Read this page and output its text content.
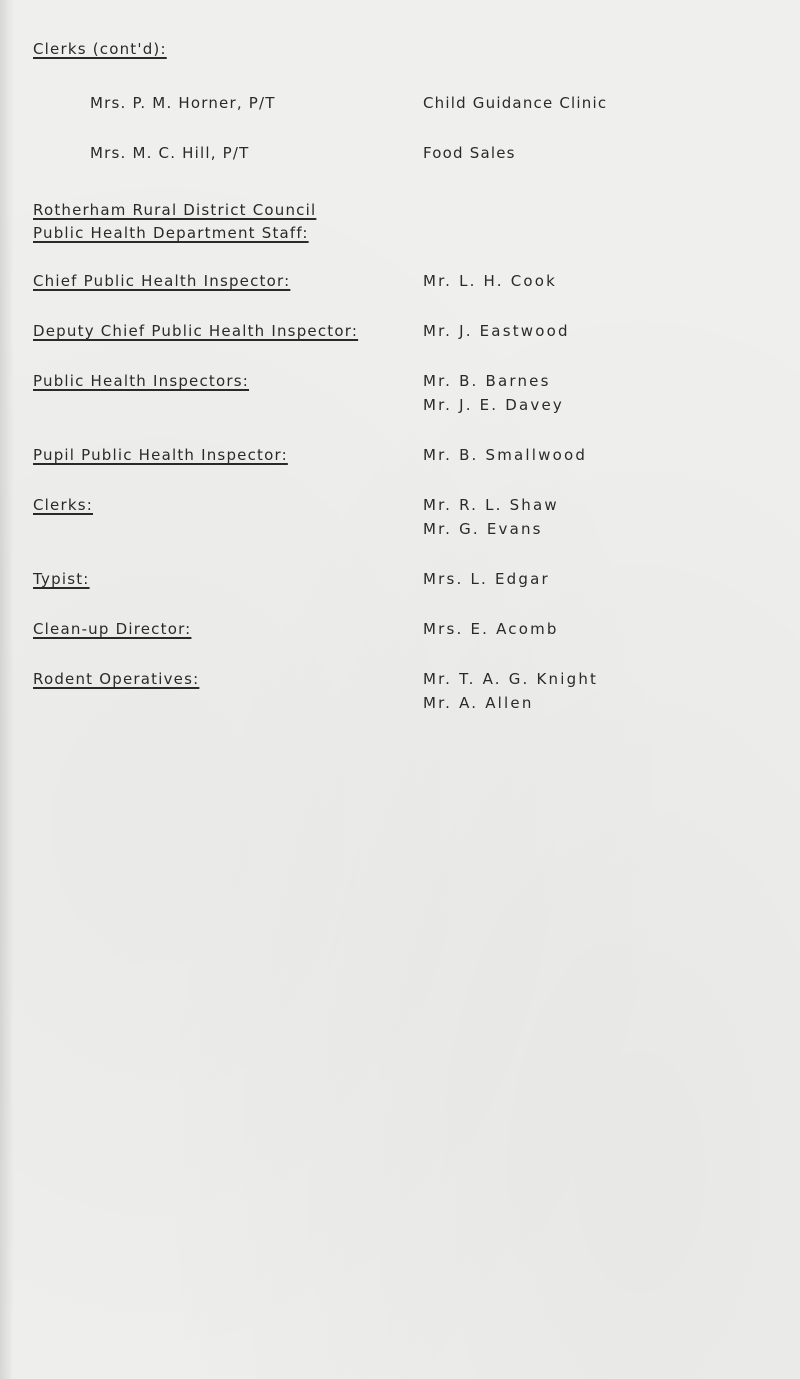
Clerks (cont'd):
Mrs. P. M. Horner, P/T	Child Guidance Clinic
Mrs. M. C. Hill, P/T	Food Sales
Rotherham Rural District Council
Public Health Department Staff:
Chief Public Health Inspector:	Mr. L. H. Cook
Deputy Chief Public Health Inspector:	Mr. J. Eastwood
Public Health Inspectors:	Mr. B. Barnes
Mr. J. E. Davey
Pupil Public Health Inspector:	Mr. B. Smallwood
Clerks:	Mr. R. L. Shaw
Mr. G. Evans
Typist:	Mrs. L. Edgar
Clean-up Director:	Mrs. E. Acomb
Rodent Operatives:	Mr. T. A. G. Knight
Mr. A. Allen
